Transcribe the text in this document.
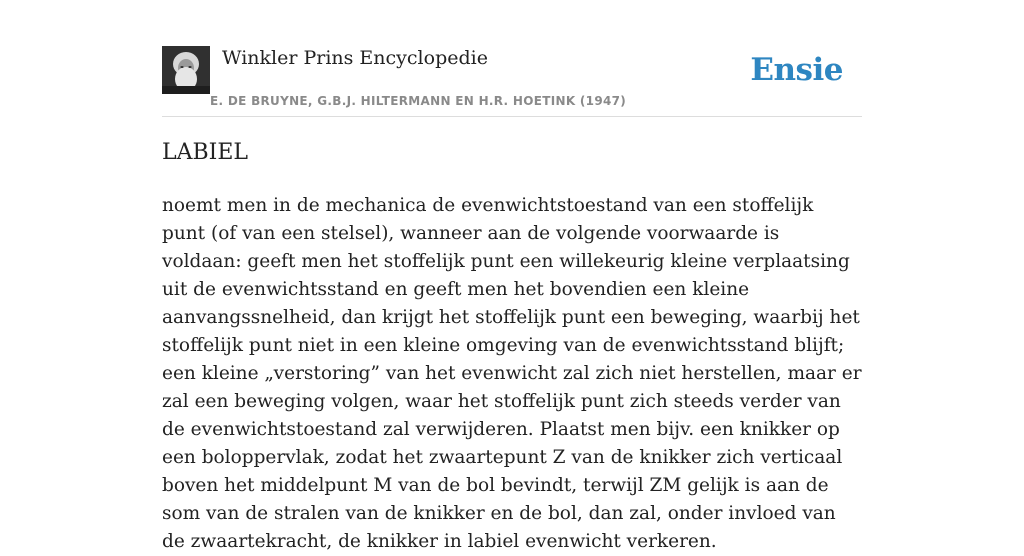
Winkler Prins Encyclopedie
E. DE BRUYNE, G.B.J. HILTERMANN EN H.R. HOETINK (1947)
Ensie
LABIEL

noemt men in de mechanica de evenwichtstoestand van een stoffelijk punt (of van een stelsel), wanneer aan de volgende voorwaarde is voldaan: geeft men het stoffelijk punt een willekeurig kleine verplaatsing uit de evenwichtsstand en geeft men het bovendien een kleine aanvangssnelheid, dan krijgt het stoffelijk punt een beweging, waarbij het stoffelijk punt niet in een kleine omgeving van de evenwichtsstand blijft; een kleine „verstoring” van het evenwicht zal zich niet herstellen, maar er zal een beweging volgen, waar het stoffelijk punt zich steeds verder van de evenwichtstoestand zal verwijderen. Plaatst men bijv. een knikker op een boloppervlak, zodat het zwaartepunt Z van de knikker zich verticaal boven het middelpunt M van de bol bevindt, terwijl ZM gelijk is aan de som van de stralen van de knikker en de bol, dan zal, onder invloed van de zwaartekracht, de knikker in labiel evenwicht verkeren.
